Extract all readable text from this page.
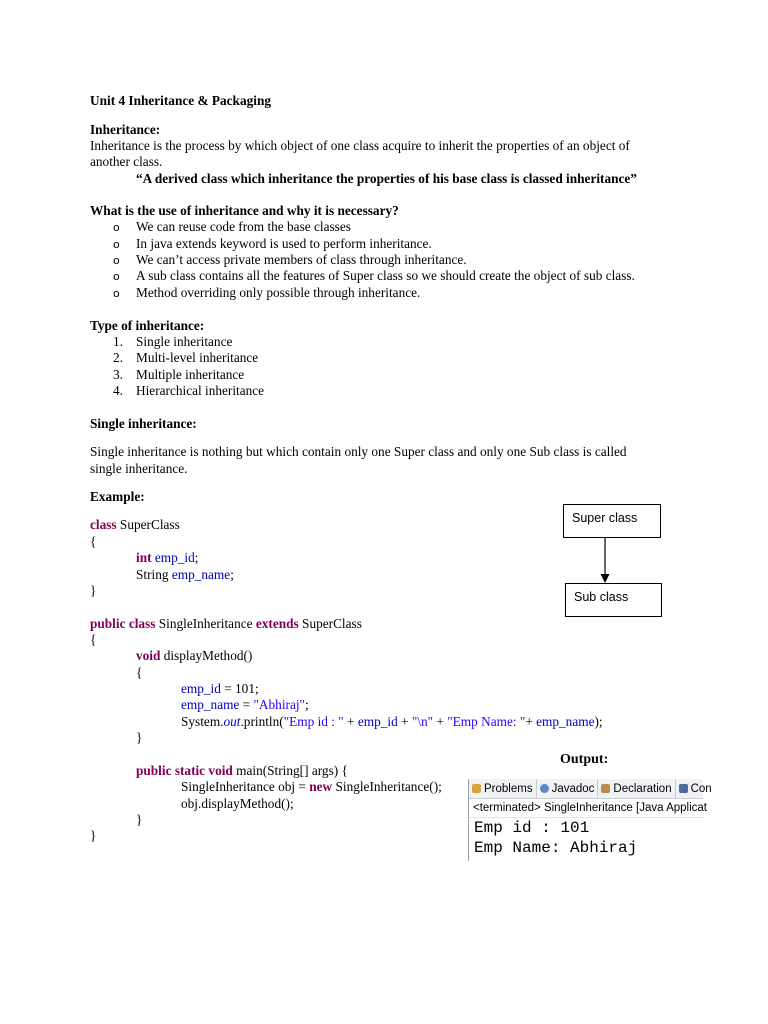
Unit 4 Inheritance & Packaging
Inheritance:
Inheritance is the process by which object of one class acquire to inherit the properties of an object of
another class.
“A derived class which inheritance the properties of his base class is classed inheritance”
What is the use of inheritance and why it is necessary?
o We can reuse code from the base classes
o In java extends keyword is used to perform inheritance.
o We can’t access private members of class through inheritance.
o A sub class contains all the features of Super class so we should create the object of sub class.
o Method overriding only possible through inheritance.
Type of inheritance:
1. Single inheritance
2. Multi-level inheritance
3. Multiple inheritance
4. Hierarchical inheritance
Single inheritance:
Single inheritance is nothing but which contain only one Super class and only one Sub class is called
single inheritance.
Example:
class SuperClass
{
int emp_id;
String emp_name;
}
public class SingleInheritance extends SuperClass
{
void displayMethod()
{
emp_id = 101;
emp_name = "Abhiraj";
System.out.println("Emp id : " + emp_id + "\n" + "Emp Name: "+ emp_name);
}
public static void main(String[] args) {
SingleInheritance obj = new SingleInheritance();
obj.displayMethod();
}
}
Super class
Sub class
Output:
Problems Javadoc Declaration Con
<terminated> SingleInheritance [Java Applicat
Emp id : 101
Emp Name: Abhiraj
